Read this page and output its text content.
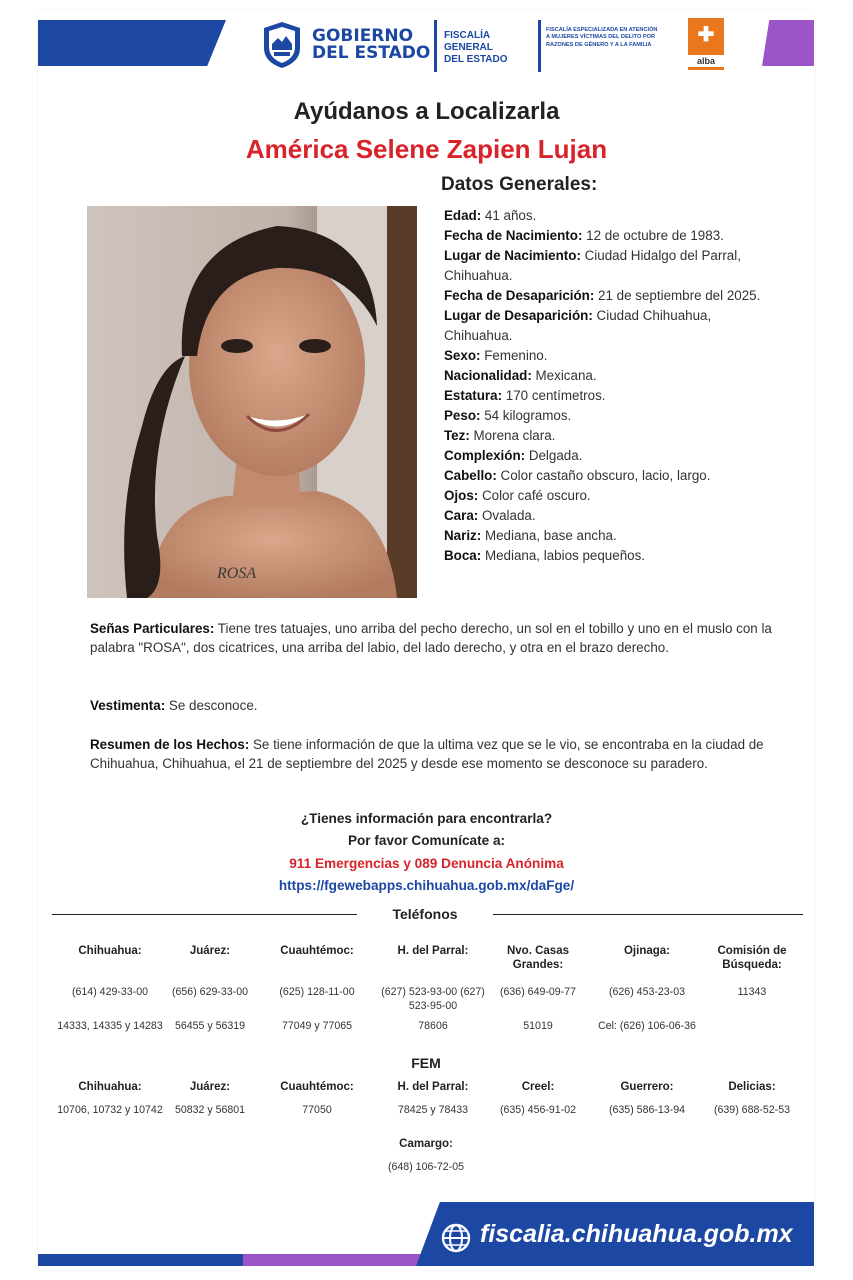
GOBIERNO
DEL ESTADO
FISCALÍA GENERAL
DEL ESTADO
FISCALÍA ESPECIALIZADA EN ATENCIÓN
A MUJERES VÍCTIMAS DEL DELITO POR
RAZONES DE GÉNERO Y A LA FAMILIA	✚
alba
Ayúdanos a Localizarla
América Selene Zapien Lujan
Datos Generales:
ROSA
Edad: 41 años.
Fecha de Nacimiento: 12 de octubre de 1983.
Lugar de Nacimiento: Ciudad Hidalgo del Parral, Chihuahua.
Fecha de Desaparición: 21 de septiembre del 2025.
Lugar de Desaparición: Ciudad Chihuahua, Chihuahua.
Sexo: Femenino.
Nacionalidad: Mexicana.
Estatura: 170 centímetros.
Peso: 54 kilogramos.
Tez: Morena clara.
Complexión: Delgada.
Cabello: Color castaño obscuro, lacio, largo.
Ojos: Color café oscuro.
Cara: Ovalada.
Nariz: Mediana, base ancha.
Boca: Mediana, labios pequeños.
Señas Particulares: Tiene tres tatuajes, uno arriba del pecho derecho, un sol en el tobillo y uno en el muslo con la palabra "ROSA", dos cicatrices, una arriba del labio, del lado derecho, y otra en el brazo derecho.
Vestimenta: Se desconoce.
Resumen de los Hechos: Se tiene información de que la ultima vez que se le vio, se encontraba en la ciudad de Chihuahua, Chihuahua, el 21 de septiembre del 2025 y desde ese momento se desconoce su paradero.
¿Tienes información para encontrarla?
Por favor Comunícate a:
911 Emergencias y 089 Denuncia Anónima
https://fgewebapps.chihuahua.gob.mx/daFge/
Teléfonos
Chihuahua:
(614) 429-33-00
14333, 14335 y 14283
Juárez:
(656) 629-33-00
56455 y 56319
Cuauhtémoc:
(625) 128-11-00
77049 y 77065
H. del Parral:
(627) 523-93-00 (627) 523-95-00
78606
Nvo. Casas Grandes:
(636) 649-09-77
51019
Ojinaga:
(626) 453-23-03
Cel: (626) 106-06-36
Comisión de Búsqueda:
11343
FEM
Chihuahua:
10706, 10732 y 10742
Juárez:
50832 y 56801
Cuauhtémoc:
77050
H. del Parral:
78425 y 78433
Creel:
(635) 456-91-02
Guerrero:
(635) 586-13-94
Delicias:
(639) 688-52-53
Camargo:
(648) 106-72-05
fiscalia.chihuahua.gob.mx
